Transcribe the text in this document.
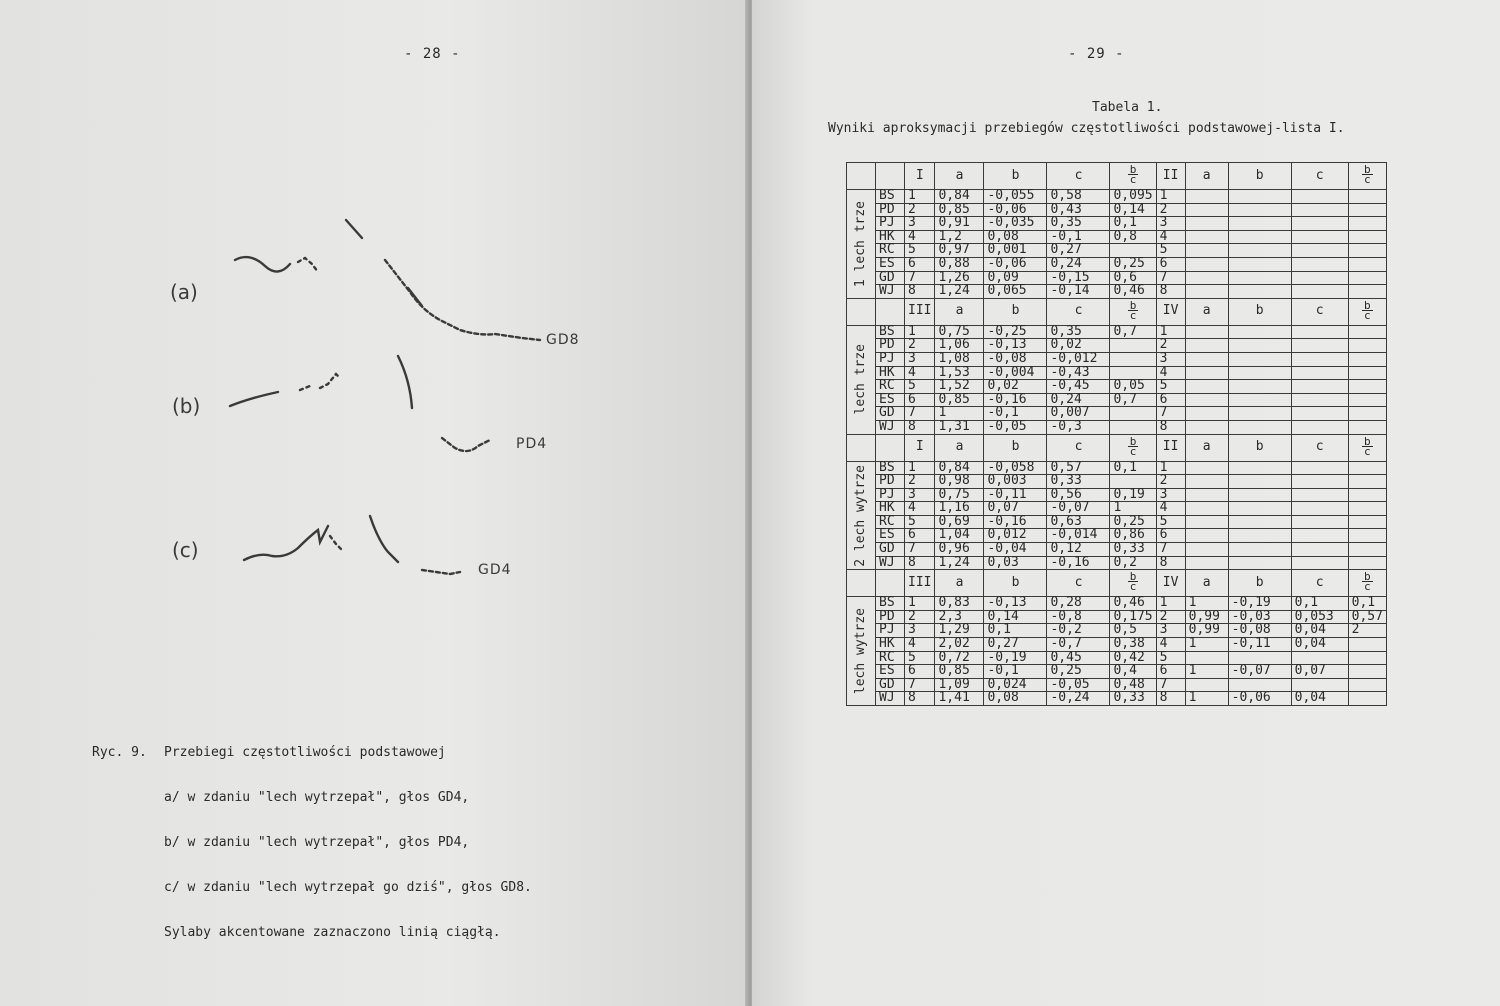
- 28 -
(a)
(b)
(c)
GD8
PD4
GD4

Ryc. 9. Przebiegi częstotliwości podstawowej

a/ w zdaniu "lech wytrzepał", głos GD4,

b/ w zdaniu "lech wytrzepał", głos PD4,

c/ w zdaniu "lech wytrzepał go dziś", głos GD8.

Sylaby akcentowane zaznaczono linią ciągłą.

- 29 -
Tabela 1.
Wyniki aproksymacji przebiegów częstotliwości podstawowej-lista I.
		I	a	b	c	$\frac{b}{c}$	II	a	b	c	$\frac{b}{c}$

1 lech trze	BS	1	0,84	-0,055	0,58	0,095	1				
	PD	2	0,85	-0,06	0,43	0,14	2				
	PJ	3	0,91	-0,035	0,35	0,1	3				
	HK	4	1,2	0,08	-0,1	0,8	4				
	RC	5	0,97	0,001	0,27		5				
	ES	6	0,88	-0,06	0,24	0,25	6				
	GD	7	1,26	0,09	-0,15	0,6	7				
	WJ	8	1,24	0,065	-0,14	0,46	8				
		III	a	b	c	$\frac{b}{c}$	IV	a	b	c	$\frac{b}{c}$

lech trze	BS	1	0,75	-0,25	0,35	0,7	1				
	PD	2	1,06	-0,13	0,02		2				
	PJ	3	1,08	-0,08	-0,012		3				
	HK	4	1,53	-0,004	-0,43		4				
	RC	5	1,52	0,02	-0,45	0,05	5				
	ES	6	0,85	-0,16	0,24	0,7	6				
	GD	7	1	-0,1	0,007		7				
	WJ	8	1,31	-0,05	-0,3		8				
		I	a	b	c	$\frac{b}{c}$	II	a	b	c	$\frac{b}{c}$

2 lech wytrze	BS	1	0,84	-0,058	0,57	0,1	1				
	PD	2	0,98	0,003	0,33		2				
	PJ	3	0,75	-0,11	0,56	0,19	3				
	HK	4	1,16	0,07	-0,07	1	4				
	RC	5	0,69	-0,16	0,63	0,25	5				
	ES	6	1,04	0,012	-0,014	0,86	6				
	GD	7	0,96	-0,04	0,12	0,33	7				
	WJ	8	1,24	0,03	-0,16	0,2	8				
		III	a	b	c	$\frac{b}{c}$	IV	a	b	c	$\frac{b}{c}$

lech wytrze	BS	1	0,83	-0,13	0,28	0,46	1	1	-0,19	0,1	0,1
	PD	2	2,3	0,14	-0,8	0,175	2	0,99	-0,03	0,053	0,57
	PJ	3	1,29	0,1	-0,2	0,5	3	0,99	-0,08	0,04	2
	HK	4	2,02	0,27	-0,7	0,38	4	1	-0,11	0,04	
	RC	5	0,72	-0,19	0,45	0,42	5				
	ES	6	0,85	-0,1	0,25	0,4	6	1	-0,07	0,07	
	GD	7	1,09	0,024	-0,05	0,48	7				
	WJ	8	1,41	0,08	-0,24	0,33	8	1	-0,06	0,04	
